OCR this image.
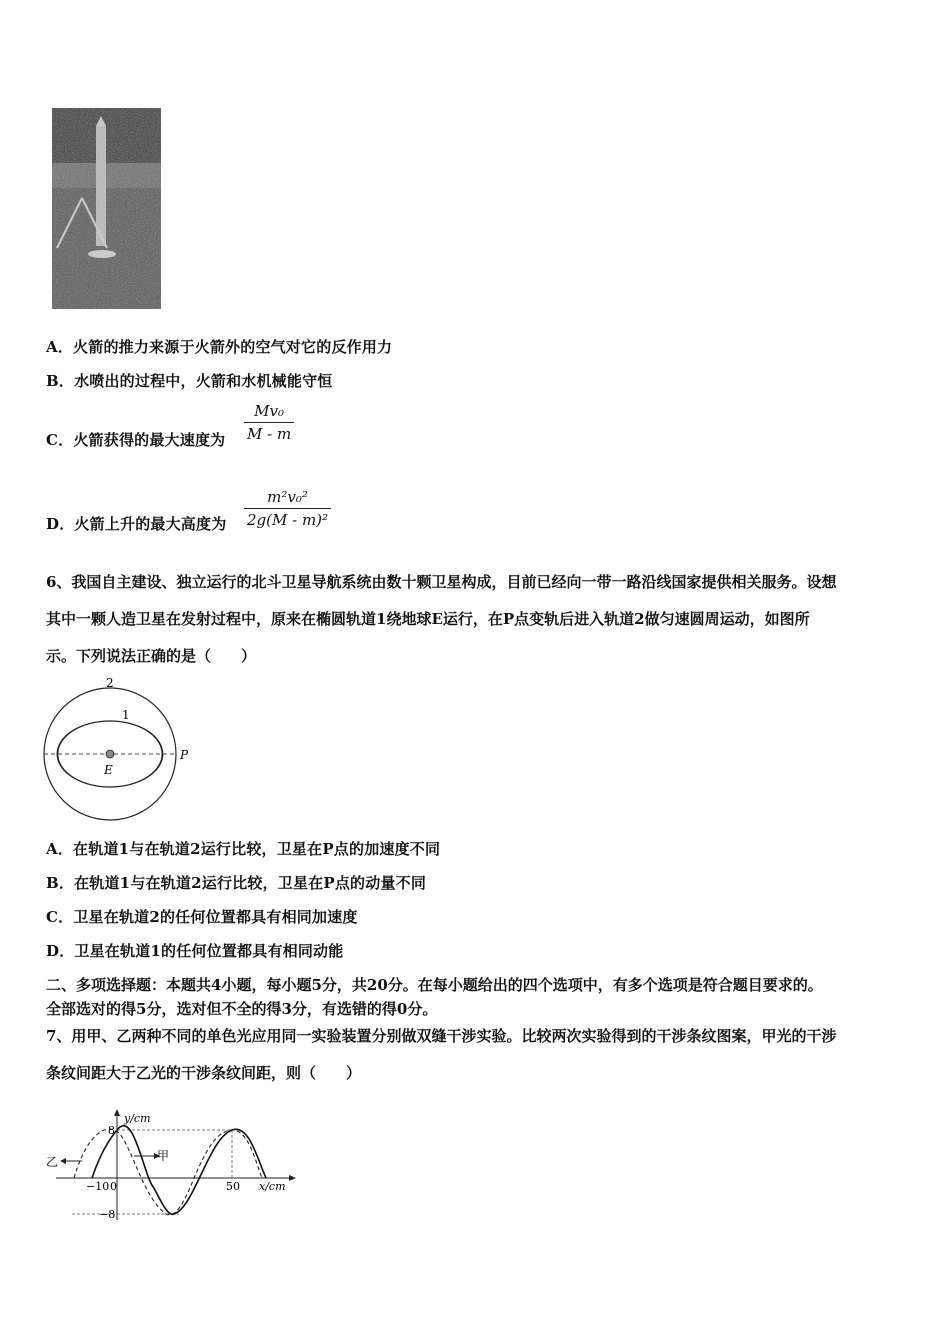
A．火箭的推力来源于火箭外的空气对它的反作用力
B．水喷出的过程中，火箭和水机械能守恒
C．火箭获得的最大速度为
Mv₀
M - m
D．火箭上升的最大高度为
m²v₀²
2g(M - m)²
6、我国自主建设、独立运行的北斗卫星导航系统由数十颗卫星构成，目前已经向一带一路沿线国家提供相关服务。设想
其中一颗人造卫星在发射过程中，原来在椭圆轨道1绕地球E运行，在P点变轨后进入轨道2做匀速圆周运动，如图所
示。下列说法正确的是（　　）
2
1
E
P
A．在轨道1与在轨道2运行比较，卫星在P点的加速度不同
B．在轨道1与在轨道2运行比较，卫星在P点的动量不同
C．卫星在轨道2的任何位置都具有相同加速度
D．卫星在轨道1的任何位置都具有相同动能
二、多项选择题：本题共4小题，每小题5分，共20分。在每小题给出的四个选项中，有多个选项是符合题目要求的。
全部选对的得5分，选对但不全的得3分，有选错的得0分。
7、用甲、乙两种不同的单色光应用同一实验装置分别做双缝干涉实验。比较两次实验得到的干涉条纹图案，甲光的干涉
条纹间距大于乙光的干涉条纹间距，则（　　）
y/cm
x/cm
8
−8
−10 0	50
乙	甲
